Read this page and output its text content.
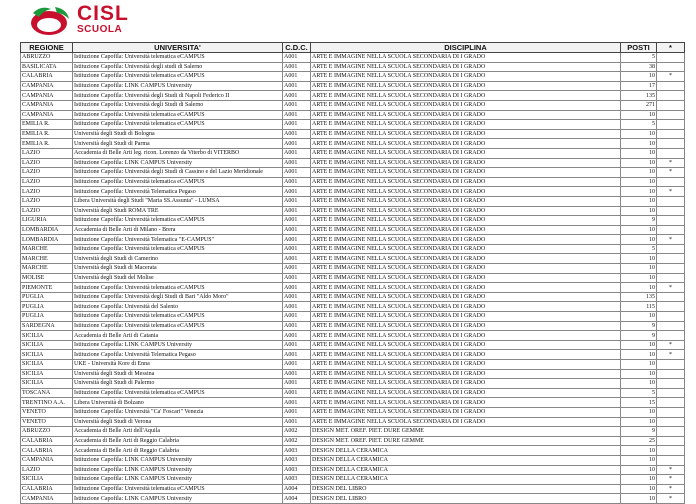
CISL
SCUOLA
REGIONE	UNIVERSITA'	C.D.C.	DISCIPLINA	POSTI	*
ABRUZZO	Istituzione Capofila: Università telematica eCAMPUS	A001	ARTE E IMMAGINE NELLA SCUOLA SECONDARIA DI I GRADO	5	
BASILICATA	Istituzione Capofila: Università degli studi di Salerno	A001	ARTE E IMMAGINE NELLA SCUOLA SECONDARIA DI I GRADO	38	
CALABRIA	Istituzione Capofila: Università telematica eCAMPUS	A001	ARTE E IMMAGINE NELLA SCUOLA SECONDARIA DI I GRADO	10	*
CAMPANIA	Istituzione Capofila: LINK CAMPUS University	A001	ARTE E IMMAGINE NELLA SCUOLA SECONDARIA DI I GRADO	17	
CAMPANIA	Istituzione Capofila: Università degli Studi di Napoli Federico II	A001	ARTE E IMMAGINE NELLA SCUOLA SECONDARIA DI I GRADO	135	
CAMPANIA	Istituzione Capofila: Università degli Studi di Salerno	A001	ARTE E IMMAGINE NELLA SCUOLA SECONDARIA DI I GRADO	271	
CAMPANIA	Istituzione Capofila: Università telematica eCAMPUS	A001	ARTE E IMMAGINE NELLA SCUOLA SECONDARIA DI I GRADO	10	
EMILIA R.	Istituzione Capofila: Università telematica eCAMPUS	A001	ARTE E IMMAGINE NELLA SCUOLA SECONDARIA DI I GRADO	5	
EMILIA R.	Università degli Studi di Bologna	A001	ARTE E IMMAGINE NELLA SCUOLA SECONDARIA DI I GRADO	10	
EMILIA R.	Università degli Studi di Parma	A001	ARTE E IMMAGINE NELLA SCUOLA SECONDARIA DI I GRADO	10	
LAZIO	Accademia di Belle Arti leg. ricon. Lorenzo da Viterbo di VITERBO	A001	ARTE E IMMAGINE NELLA SCUOLA SECONDARIA DI I GRADO	10	
LAZIO	Istituzione Capofila: LINK CAMPUS University	A001	ARTE E IMMAGINE NELLA SCUOLA SECONDARIA DI I GRADO	10	*
LAZIO	Istituzione Capofila: Università degli Studi di Cassino e del Lazio Meridionale	A001	ARTE E IMMAGINE NELLA SCUOLA SECONDARIA DI I GRADO	10	*
LAZIO	Istituzione Capofila: Università telematica eCAMPUS	A001	ARTE E IMMAGINE NELLA SCUOLA SECONDARIA DI I GRADO	10	
LAZIO	Istituzione Capofila: Università Telematica Pegaso	A001	ARTE E IMMAGINE NELLA SCUOLA SECONDARIA DI I GRADO	10	*
LAZIO	Libera Università degli Studi "Maria SS.Assunta" - LUMSA	A001	ARTE E IMMAGINE NELLA SCUOLA SECONDARIA DI I GRADO	10	
LAZIO	Università degli Studi ROMA TRE	A001	ARTE E IMMAGINE NELLA SCUOLA SECONDARIA DI I GRADO	10	
LIGURIA	Istituzione Capofila: Università telematica eCAMPUS	A001	ARTE E IMMAGINE NELLA SCUOLA SECONDARIA DI I GRADO	9	
LOMBARDIA	Accademia di Belle Arti di Milano - Brera	A001	ARTE E IMMAGINE NELLA SCUOLA SECONDARIA DI I GRADO	10	
LOMBARDIA	Istituzione Capofila: Università Telematica "E-CAMPUS"	A001	ARTE E IMMAGINE NELLA SCUOLA SECONDARIA DI I GRADO	10	*
MARCHE	Istituzione Capofila: Università telematica eCAMPUS	A001	ARTE E IMMAGINE NELLA SCUOLA SECONDARIA DI I GRADO	5	
MARCHE	Università degli Studi di Camerino	A001	ARTE E IMMAGINE NELLA SCUOLA SECONDARIA DI I GRADO	10	
MARCHE	Università degli Studi di Macerata	A001	ARTE E IMMAGINE NELLA SCUOLA SECONDARIA DI I GRADO	10	
MOLISE	Università degli Studi del Molise	A001	ARTE E IMMAGINE NELLA SCUOLA SECONDARIA DI I GRADO	10	
PIEMONTE	Istituzione Capofila: Università telematica eCAMPUS	A001	ARTE E IMMAGINE NELLA SCUOLA SECONDARIA DI I GRADO	10	*
PUGLIA	Istituzione Capofila: Università degli Studi di Bari "Aldo Moro"	A001	ARTE E IMMAGINE NELLA SCUOLA SECONDARIA DI I GRADO	135	
PUGLIA	Istituzione Capofila: Università del Salento	A001	ARTE E IMMAGINE NELLA SCUOLA SECONDARIA DI I GRADO	115	
PUGLIA	Istituzione Capofila: Università telematica eCAMPUS	A001	ARTE E IMMAGINE NELLA SCUOLA SECONDARIA DI I GRADO	10	
SARDEGNA	Istituzione Capofila: Università telematica eCAMPUS	A001	ARTE E IMMAGINE NELLA SCUOLA SECONDARIA DI I GRADO	9	
SICILIA	Accademia di Belle Arti di Catania	A001	ARTE E IMMAGINE NELLA SCUOLA SECONDARIA DI I GRADO	9	
SICILIA	Istituzione Capofila: LINK CAMPUS University	A001	ARTE E IMMAGINE NELLA SCUOLA SECONDARIA DI I GRADO	10	*
SICILIA	Istituzione Capofila: Università Telematica Pegaso	A001	ARTE E IMMAGINE NELLA SCUOLA SECONDARIA DI I GRADO	10	*
SICILIA	UKE - Università Kore di Enna	A001	ARTE E IMMAGINE NELLA SCUOLA SECONDARIA DI I GRADO	10	
SICILIA	Università degli Studi di Messina	A001	ARTE E IMMAGINE NELLA SCUOLA SECONDARIA DI I GRADO	10	
SICILIA	Università degli Studi di Palermo	A001	ARTE E IMMAGINE NELLA SCUOLA SECONDARIA DI I GRADO	10	
TOSCANA	Istituzione Capofila: Università telematica eCAMPUS	A001	ARTE E IMMAGINE NELLA SCUOLA SECONDARIA DI I GRADO	5	
TRENTINO A.A.	Libera Università di Bolzano	A001	ARTE E IMMAGINE NELLA SCUOLA SECONDARIA DI I GRADO	15	
VENETO	Istituzione Capofila: Università "Ca' Foscari" Venezia	A001	ARTE E IMMAGINE NELLA SCUOLA SECONDARIA DI I GRADO	10	
VENETO	Università degli Studi di Verona	A001	ARTE E IMMAGINE NELLA SCUOLA SECONDARIA DI I GRADO	10	
ABRUZZO	Accademia di Belle Arti dell'Aquila	A002	DESIGN MET. OREF. PIET. DURE GEMME	9	
CALABRIA	Accademia di Belle Arti di Reggio Calabria	A002	DESIGN MET. OREF. PIET. DURE GEMME	25	
CALABRIA	Accademia di Belle Arti di Reggio Calabria	A003	DESIGN DELLA CERAMICA	10	
CAMPANIA	Istituzione Capofila: LINK CAMPUS University	A003	DESIGN DELLA CERAMICA	10	
LAZIO	Istituzione Capofila: LINK CAMPUS University	A003	DESIGN DELLA CERAMICA	10	*
SICILIA	Istituzione Capofila: LINK CAMPUS University	A003	DESIGN DELLA CERAMICA	10	*
CALABRIA	Istituzione Capofila: Università telematica eCAMPUS	A004	DESIGN DEL LIBRO	10	*
CAMPANIA	Istituzione Capofila: LINK CAMPUS University	A004	DESIGN DEL LIBRO	10	*
